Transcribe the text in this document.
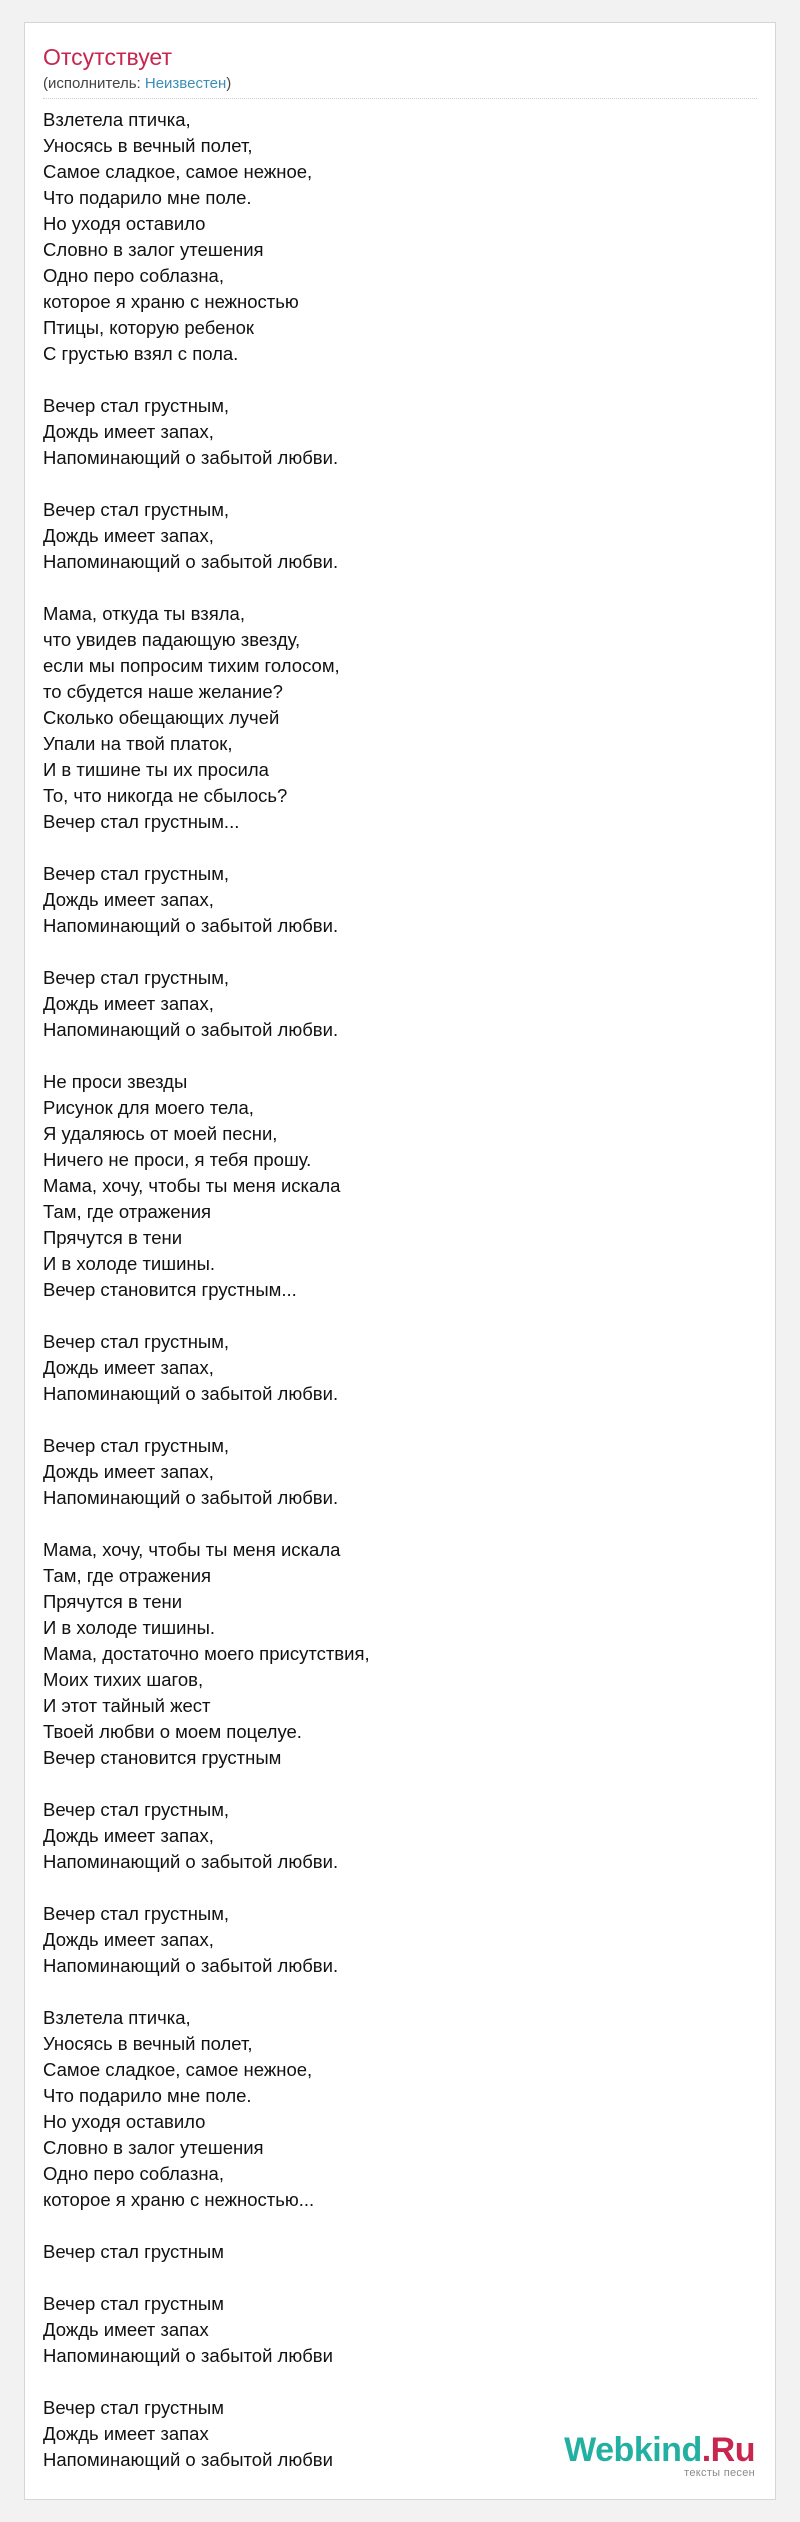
Отсутствует
(исполнитель: Неизвестен)
Взлетела птичка,
Уносясь в вечный полет,
Самое сладкое, самое нежное,
Что подарило мне поле.
Но уходя оставило
Словно в залог утешения
Одно перо соблазна,
которое я храню с нежностью
Птицы, которую ребенок
С грустью взял с пола.
Вечер стал грустным,
Дождь имеет запах,
Напоминающий о забытой любви.
Вечер стал грустным,
Дождь имеет запах,
Напоминающий о забытой любви.
Мама, откуда ты взяла,
что увидев падающую звезду,
если мы попросим тихим голосом,
то сбудется наше желание?
Сколько обещающих лучей
Упали на твой платок,
И в тишине ты их просила
То, что никогда не сбылось?
Вечер стал грустным...
Вечер стал грустным,
Дождь имеет запах,
Напоминающий о забытой любви.
Вечер стал грустным,
Дождь имеет запах,
Напоминающий о забытой любви.
Не проси звезды
Рисунок для моего тела,
Я удаляюсь от моей песни,
Ничего не проси, я тебя прошу.
Мама, хочу, чтобы ты меня искала
Там, где отражения
Прячутся в тени
И в холоде тишины.
Вечер становится грустным...
Вечер стал грустным,
Дождь имеет запах,
Напоминающий о забытой любви.
Вечер стал грустным,
Дождь имеет запах,
Напоминающий о забытой любви.
Мама, хочу, чтобы ты меня искала
Там, где отражения
Прячутся в тени
И в холоде тишины.
Мама, достаточно моего присутствия,
Моих тихих шагов,
И этот тайный жест
Твоей любви о моем поцелуе.
Вечер становится грустным
Вечер стал грустным,
Дождь имеет запах,
Напоминающий о забытой любви.
Вечер стал грустным,
Дождь имеет запах,
Напоминающий о забытой любви.
Взлетела птичка,
Уносясь в вечный полет,
Самое сладкое, самое нежное,
Что подарило мне поле.
Но уходя оставило
Словно в залог утешения
Одно перо соблазна,
которое я храню с нежностью...
Вечер стал грустным
Вечер стал грустным
Дождь имеет запах
Напоминающий о забытой любви
Вечер стал грустным
Дождь имеет запах
Напоминающий о забытой любви	Webkind.Ru
тексты песен
